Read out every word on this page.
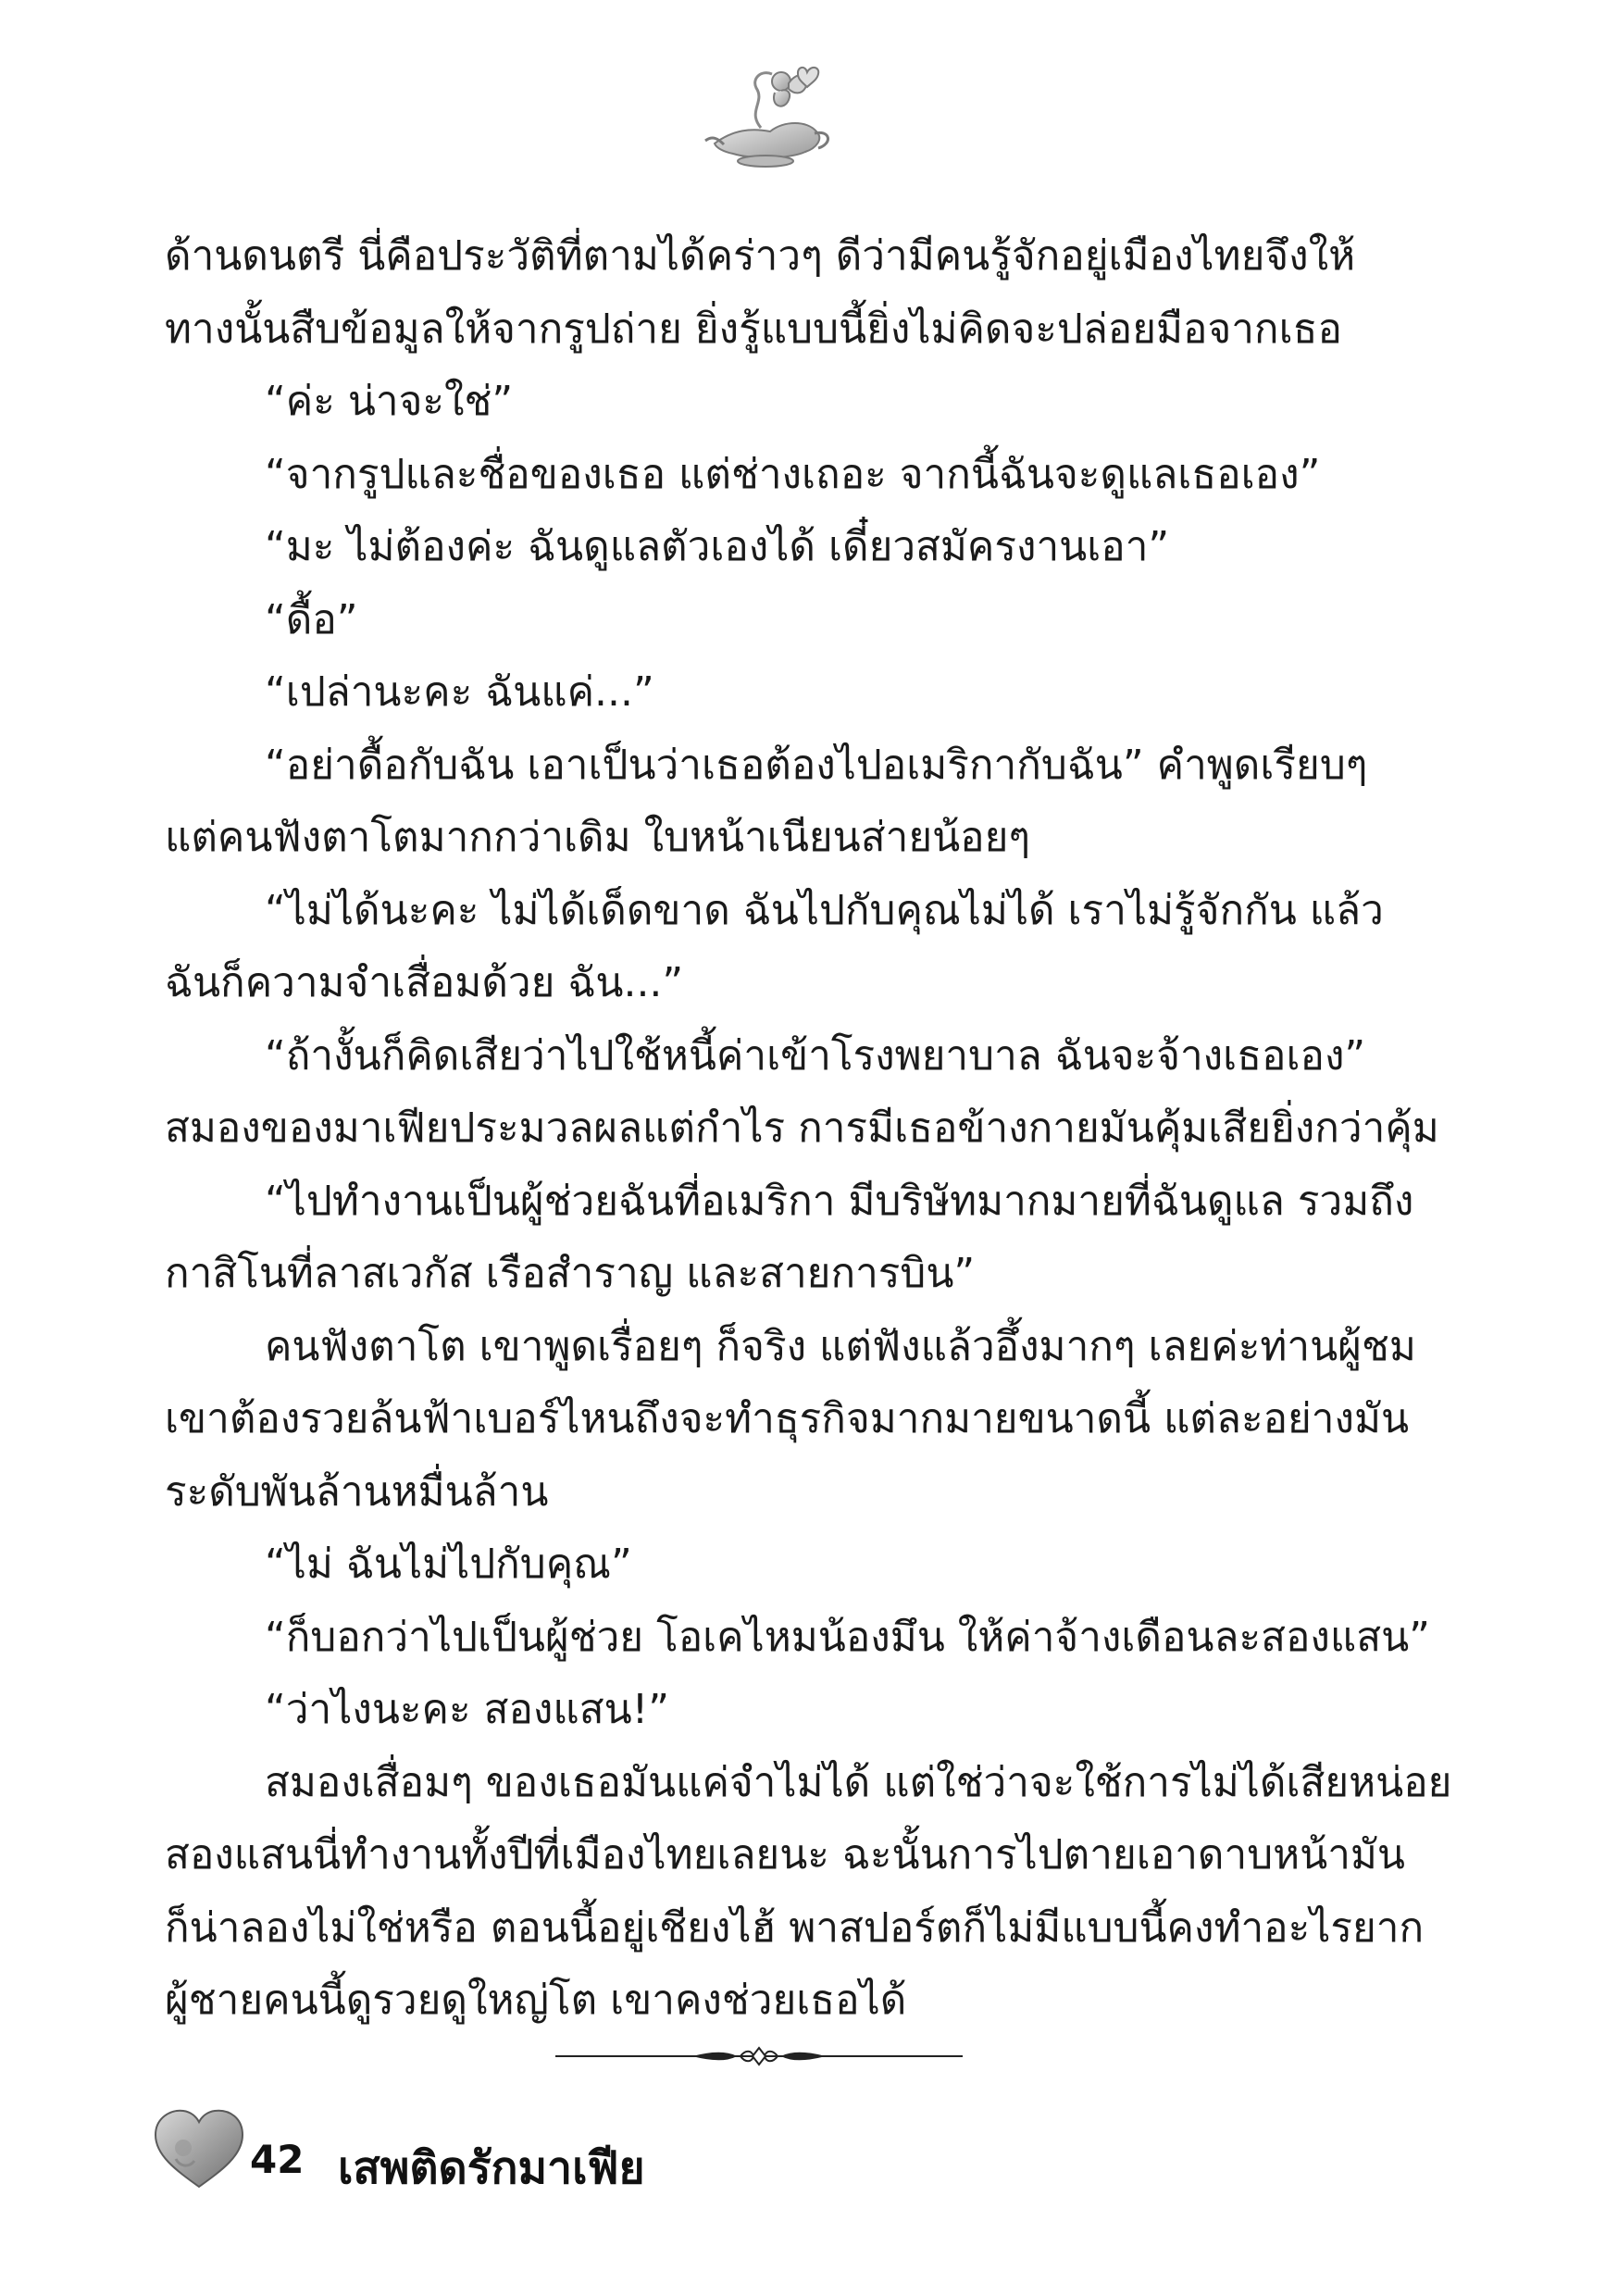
ด้านดนตรี นี่คือประวัติที่ตามได้คร่าวๆ ดีว่ามีคนรู้จักอยู่เมืองไทยจึงให้
ทางนั้นสืบข้อมูลให้จากรูปถ่าย ยิ่งรู้แบบนี้ยิ่งไม่คิดจะปล่อยมือจากเธอ
“ค่ะ น่าจะใช่”
“จากรูปและชื่อของเธอ แต่ช่างเถอะ จากนี้ฉันจะดูแลเธอเอง”
“มะ ไม่ต้องค่ะ ฉันดูแลตัวเองได้ เดี๋ยวสมัครงานเอา”
“ดื้อ”
“เปล่านะคะ ฉันแค่...”
“อย่าดื้อกับฉัน เอาเป็นว่าเธอต้องไปอเมริกากับฉัน” คำพูดเรียบๆ
แต่คนฟังตาโตมากกว่าเดิม ใบหน้าเนียนส่ายน้อยๆ
“ไม่ได้นะคะ ไม่ได้เด็ดขาด ฉันไปกับคุณไม่ได้ เราไม่รู้จักกัน แล้ว
ฉันก็ความจำเสื่อมด้วย ฉัน...”
“ถ้างั้นก็คิดเสียว่าไปใช้หนี้ค่าเข้าโรงพยาบาล ฉันจะจ้างเธอเอง”
สมองของมาเฟียประมวลผลแต่กำไร การมีเธอข้างกายมันคุ้มเสียยิ่งกว่าคุ้ม
“ไปทำงานเป็นผู้ช่วยฉันที่อเมริกา มีบริษัทมากมายที่ฉันดูแล รวมถึง
กาสิโนที่ลาสเวกัส เรือสำราญ และสายการบิน”
คนฟังตาโต เขาพูดเรื่อยๆ ก็จริง แต่ฟังแล้วอึ้งมากๆ เลยค่ะท่านผู้ชม
เขาต้องรวยล้นฟ้าเบอร์ไหนถึงจะทำธุรกิจมากมายขนาดนี้ แต่ละอย่างมัน
ระดับพันล้านหมื่นล้าน
“ไม่ ฉันไม่ไปกับคุณ”
“ก็บอกว่าไปเป็นผู้ช่วย โอเคไหมน้องมึน ให้ค่าจ้างเดือนละสองแสน”
“ว่าไงนะคะ สองแสน!”
สมองเสื่อมๆ ของเธอมันแค่จำไม่ได้ แต่ใช่ว่าจะใช้การไม่ได้เสียหน่อย
สองแสนนี่ทำงานทั้งปีที่เมืองไทยเลยนะ ฉะนั้นการไปตายเอาดาบหน้ามัน
ก็น่าลองไม่ใช่หรือ ตอนนี้อยู่เชียงไฮ้ พาสปอร์ตก็ไม่มีแบบนี้คงทำอะไรยาก
ผู้ชายคนนี้ดูรวยดูใหญ่โต เขาคงช่วยเธอได้
42 เสพติดรักมาเฟีย
